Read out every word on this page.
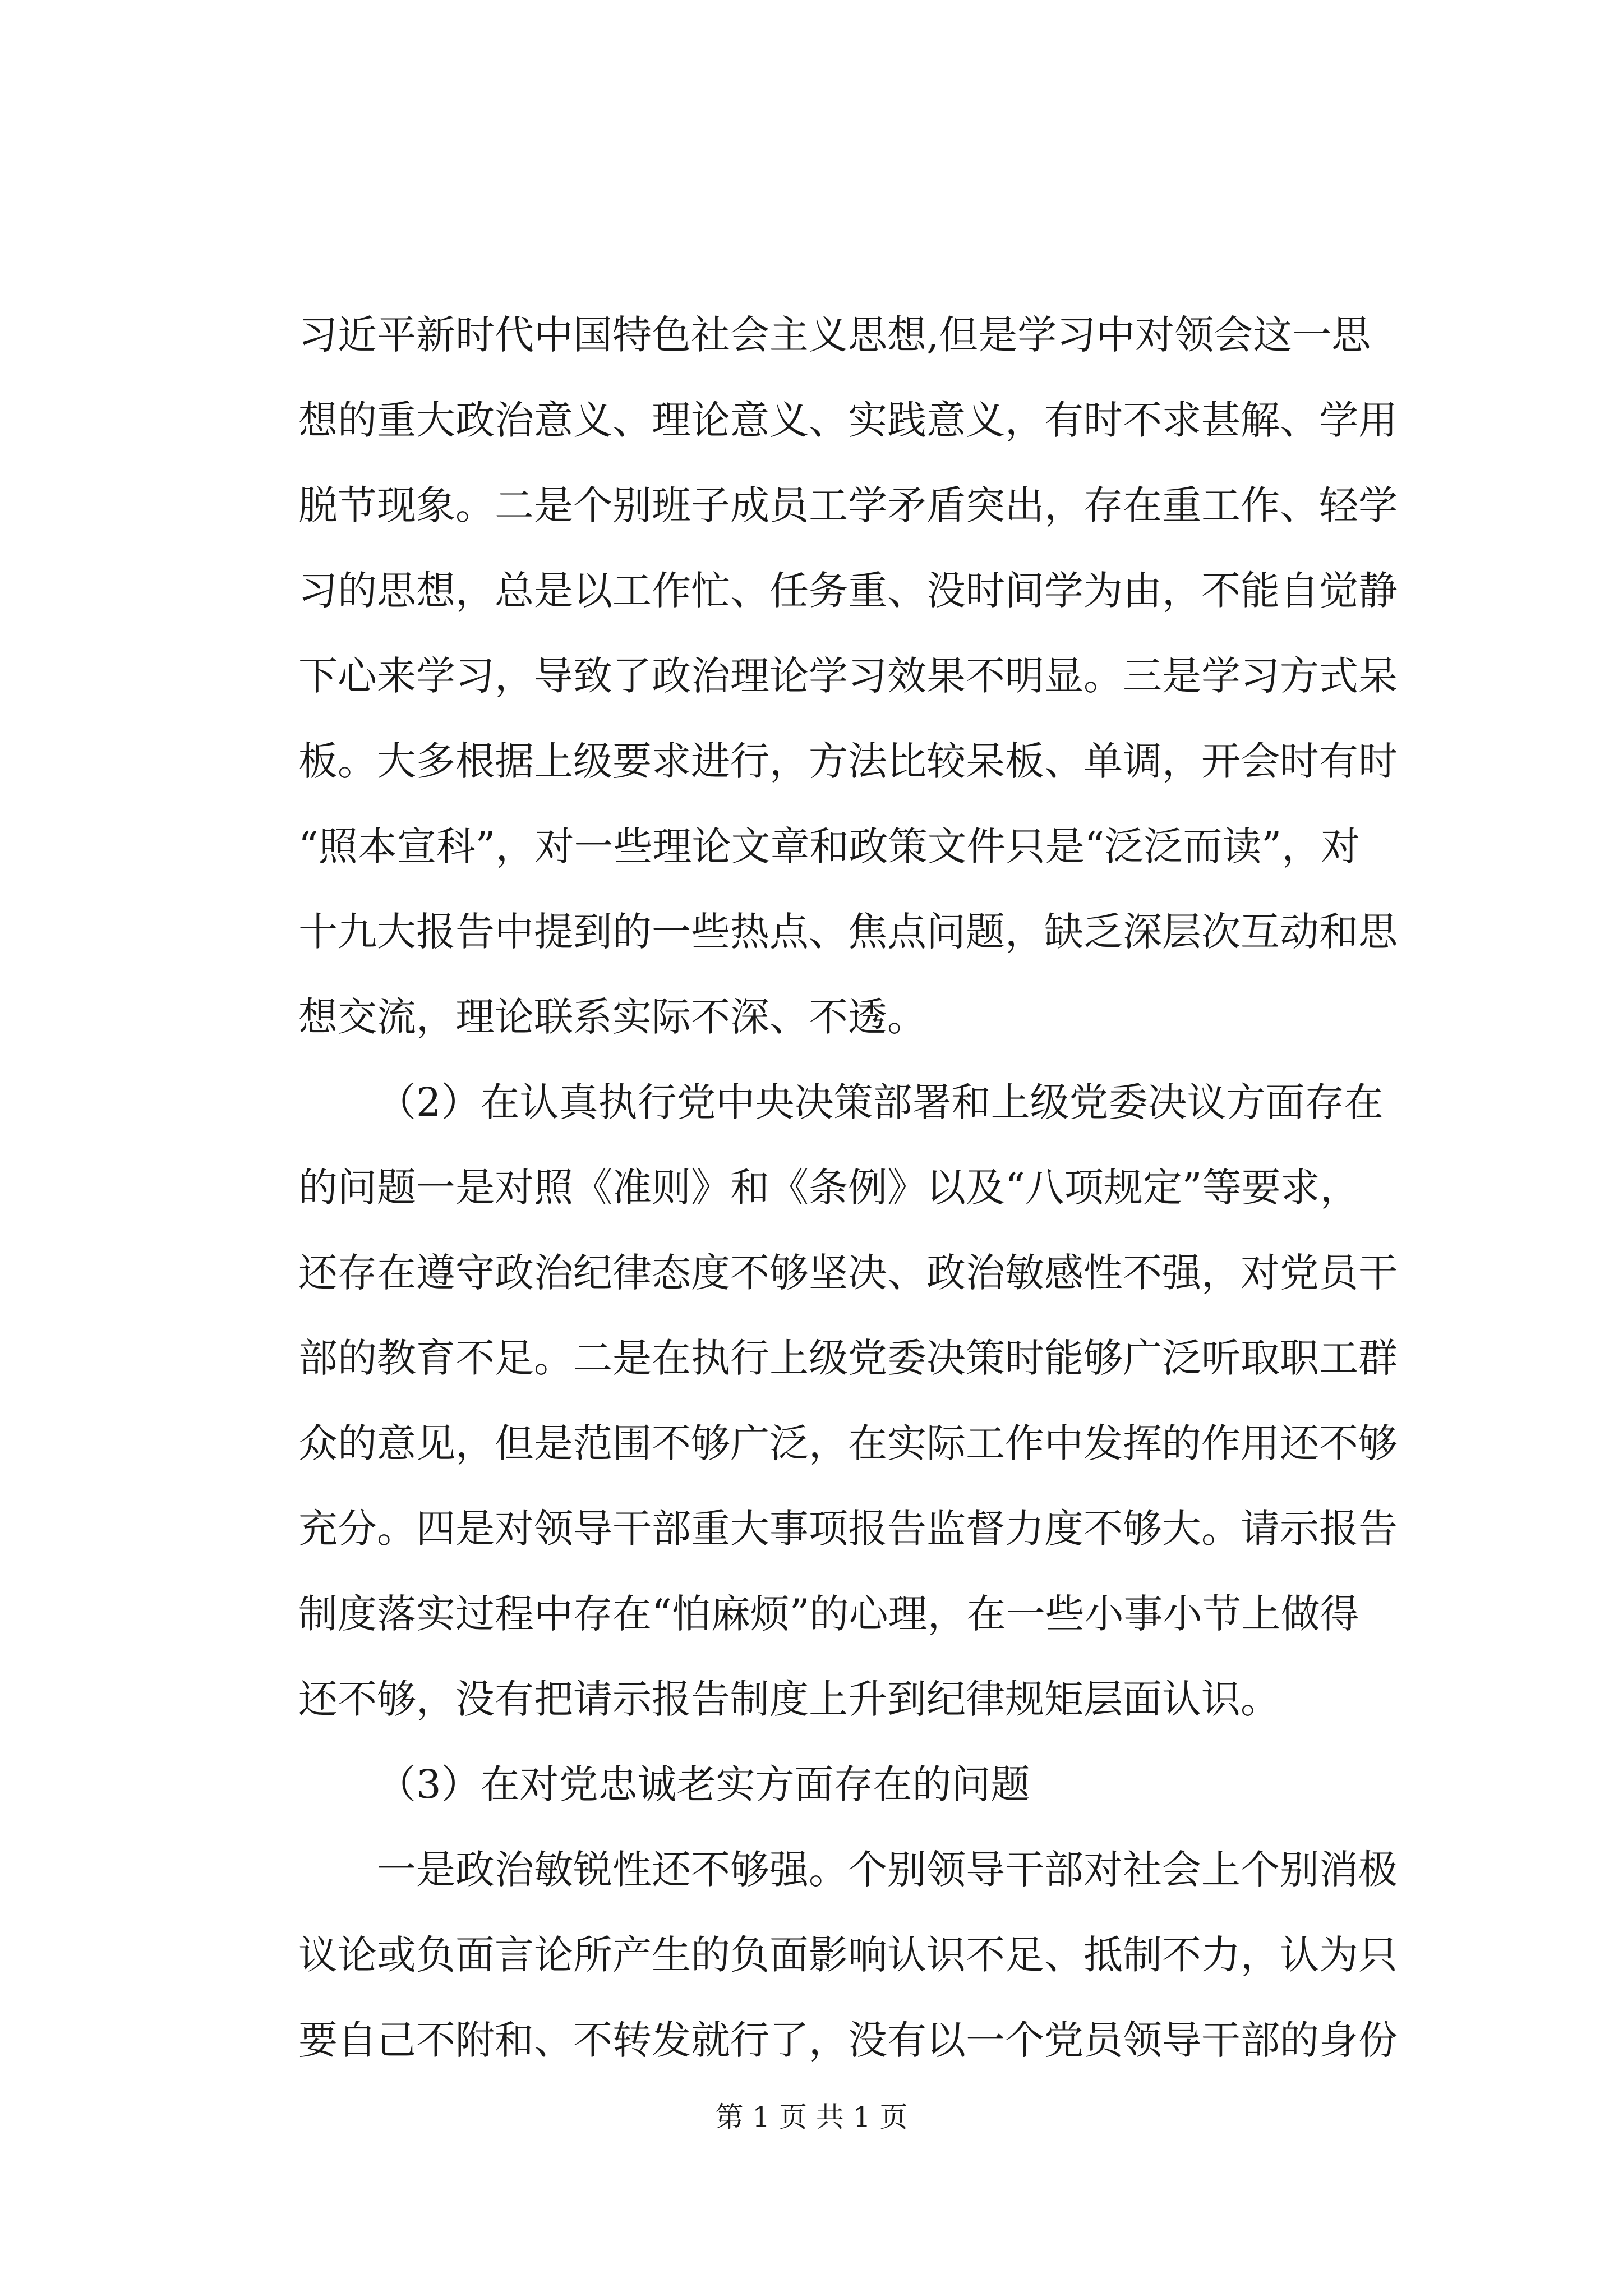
习近平新时代中国特色社会主义思想,但是学习中对领会这一思
想的重大政治意义、理论意义、实践意义，有时不求甚解、学用
脱节现象。二是个别班子成员工学矛盾突出，存在重工作、轻学
习的思想，总是以工作忙、任务重、没时间学为由，不能自觉静
下心来学习，导致了政治理论学习效果不明显。三是学习方式呆
板。大多根据上级要求进行，方法比较呆板、单调，开会时有时
“照本宣科”，对一些理论文章和政策文件只是“泛泛而读”，对
十九大报告中提到的一些热点、焦点问题，缺乏深层次互动和思
想交流，理论联系实际不深、不透。
（2）在认真执行党中央决策部署和上级党委决议方面存在
的问题一是对照《准则》和《条例》以及“八项规定”等要求，
还存在遵守政治纪律态度不够坚决、政治敏感性不强，对党员干
部的教育不足。二是在执行上级党委决策时能够广泛听取职工群
众的意见，但是范围不够广泛，在实际工作中发挥的作用还不够
充分。四是对领导干部重大事项报告监督力度不够大。请示报告
制度落实过程中存在“怕麻烦”的心理，在一些小事小节上做得
还不够，没有把请示报告制度上升到纪律规矩层面认识。
（3）在对党忠诚老实方面存在的问题
一是政治敏锐性还不够强。个别领导干部对社会上个别消极
议论或负面言论所产生的负面影响认识不足、抵制不力，认为只
要自己不附和、不转发就行了，没有以一个党员领导干部的身份
第 1 页 共 1 页
